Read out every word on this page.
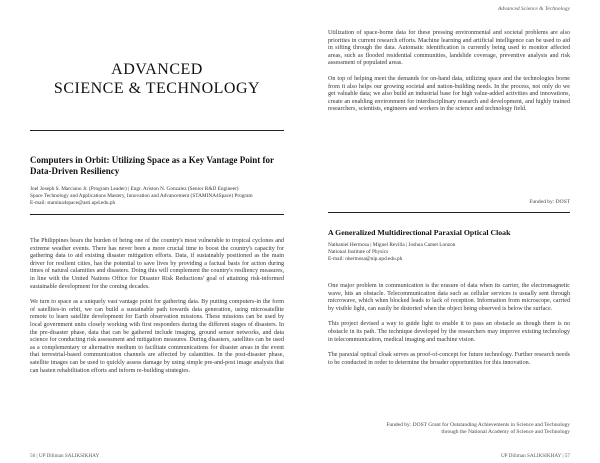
ADVANCED
SCIENCE & TECHNOLOGY
Computers in Orbit: Utilizing Space as a Key Vantage Point for Data-Driven Resiliency
Joel Joseph S. Marciano Jr. (Program Leader) | Engr. Ariston N. Gonzalez (Senior R&D Engineer)
Space Technology and Applications Mastery, Innovation and Advancement (STAMINA4Space) Program
E-mail: stamina4space@asti.upd.edu.ph

The Philippines bears the burden of being one of the country's most vulnerable to tropical cyclones and extreme weather events. There has never been a more crucial time to boost the country's capacity for gathering data to aid existing disaster mitigation efforts. Data, if sustainably positioned as the main driver for resilient cities, has the potential to save lives by providing a factual basis for action during times of natural calamities and disasters. Doing this will complement the country's resiliency measures, in line with the United Nations Office for Disaster Risk Reductions' goal of attaining risk-informed sustainable development for the coming decades.

We turn to space as a uniquely vast vantage point for gathering data. By putting computers-in the form of satellites-in orbit, we can build a sustainable path towards data generation, using microsatellite remote to learn satellite development for Earth observation missions. These missions can be used by local government units closely working with first responders during the different stages of disasters. In the pre-disaster phase, data that can be gathered include imaging, ground sensor networks, and data science for conducting risk assessment and mitigation measures. During disasters, satellites can be used as a complementary or alternative medium to facilitate communications for disaster areas in the event that terrestrial-based communication channels are affected by calamities. In the post-disaster phase, satellite images can be used to quickly assess damage by using simple pre-and-post image analysis that can hasten rehabilitation efforts and inform re-building strategies.

56 | UP Diliman SALIKSIKHAY
Advanced Science & Technology

Utilization of space-borne data for these pressing environmental and societal problems are also priorities in current research efforts. Machine learning and artificial intelligence can be used to aid in sifting through the data. Automatic identification is currently being used to monitor affected areas, such as flooded residential communities, landslide coverage, preventive analysis and risk assessment of populated areas.

On top of helping meet the demands for on-hand data, utilizing space and the technologies borne from it also helps our growing societal and nation-building needs. In the process, not only do we get valuable data; we also build an industrial base for high value-added activities and innovations, create an enabling environment for interdisciplinary research and development, and highly trained researchers, scientists, engineers and workers in the science and technology field.

Funded by: DOST

A Generalized Multidirectional Paraxial Optical Cloak
Nathaniel Hermosa | Miguel Revilla | Joshua Camet Lonzon
National Institute of Physics
E-mail: nhermosa@nip.upd.edu.ph

One major problem in communication is the erasure of data when its carrier, the electromagnetic wave, hits an obstacle. Telecommunication data such as cellular services is usually sent through microwave, which when blocked leads to lack of reception. Information from microscope, carried by visible light, can easily be distorted when the object being observed is below the surface.

This project devised a way to guide light to enable it to pass an obstacle as though there is no obstacle in its path. The technique developed by the researchers may improve existing technology in telecommunication, medical imaging and machine vision.

The paraxial optical cloak serves as proof-of-concept for future technology. Further research needs to be conducted in order to determine the broader opportunities for this innovation.

Funded by: DOST Grant for Outstanding Achievements in Science and Technology
through the National Academy of Science and Technology
UP Diliman SALIKSIKHAY | 57
